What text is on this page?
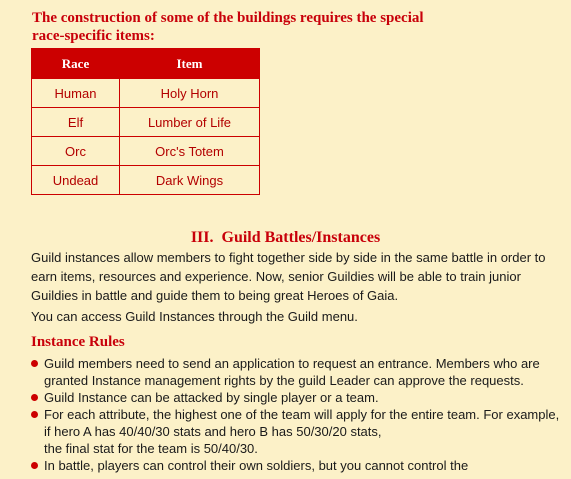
The construction of some of the buildings requires the special
race-specific items:
Race	Item
Human	Holy Horn
Elf	Lumber of Life
Orc	Orc's Totem
Undead	Dark Wings
III. Guild Battles/Instances
Guild instances allow members to fight together side by side in the same battle in order to
earn items, resources and experience. Now, senior Guildies will be able to train junior
Guildies in battle and guide them to being great Heroes of Gaia.
You can access Guild Instances through the Guild menu.
Instance Rules
Guild members need to send an application to request an entrance. Members who are
granted Instance management rights by the guild Leader can approve the requests.
Guild Instance can be attacked by single player or a team.
For each attribute, the highest one of the team will apply for the entire team. For example,
if hero A has 40/40/30 stats and hero B has 50/30/20 stats,
the final stat for the team is 50/40/30.
In battle, players can control their own soldiers, but you cannot control the
